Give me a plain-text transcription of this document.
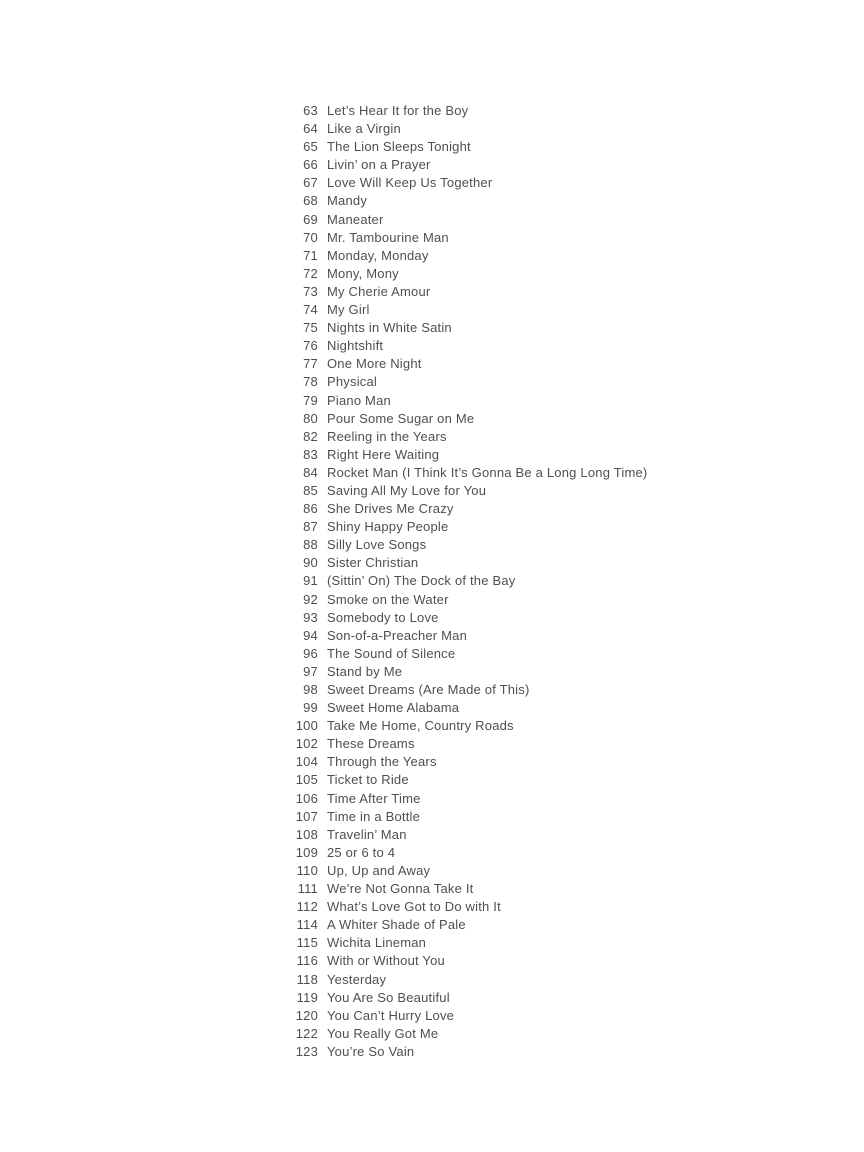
63 Let’s Hear It for the Boy
64 Like a Virgin
65 The Lion Sleeps Tonight
66 Livin’ on a Prayer
67 Love Will Keep Us Together
68 Mandy
69 Maneater
70 Mr. Tambourine Man
71 Monday, Monday
72 Mony, Mony
73 My Cherie Amour
74 My Girl
75 Nights in White Satin
76 Nightshift
77 One More Night
78 Physical
79 Piano Man
80 Pour Some Sugar on Me
82 Reeling in the Years
83 Right Here Waiting
84 Rocket Man (I Think It’s Gonna Be a Long Long Time)
85 Saving All My Love for You
86 She Drives Me Crazy
87 Shiny Happy People
88 Silly Love Songs
90 Sister Christian
91 (Sittin’ On) The Dock of the Bay
92 Smoke on the Water
93 Somebody to Love
94 Son-of-a-Preacher Man
96 The Sound of Silence
97 Stand by Me
98 Sweet Dreams (Are Made of This)
99 Sweet Home Alabama
100 Take Me Home, Country Roads
102 These Dreams
104 Through the Years
105 Ticket to Ride
106 Time After Time
107 Time in a Bottle
108 Travelin’ Man
109 25 or 6 to 4
110 Up, Up and Away
111 We’re Not Gonna Take It
112 What’s Love Got to Do with It
114 A Whiter Shade of Pale
115 Wichita Lineman
116 With or Without You
118 Yesterday
119 You Are So Beautiful
120 You Can’t Hurry Love
122 You Really Got Me
123 You’re So Vain
